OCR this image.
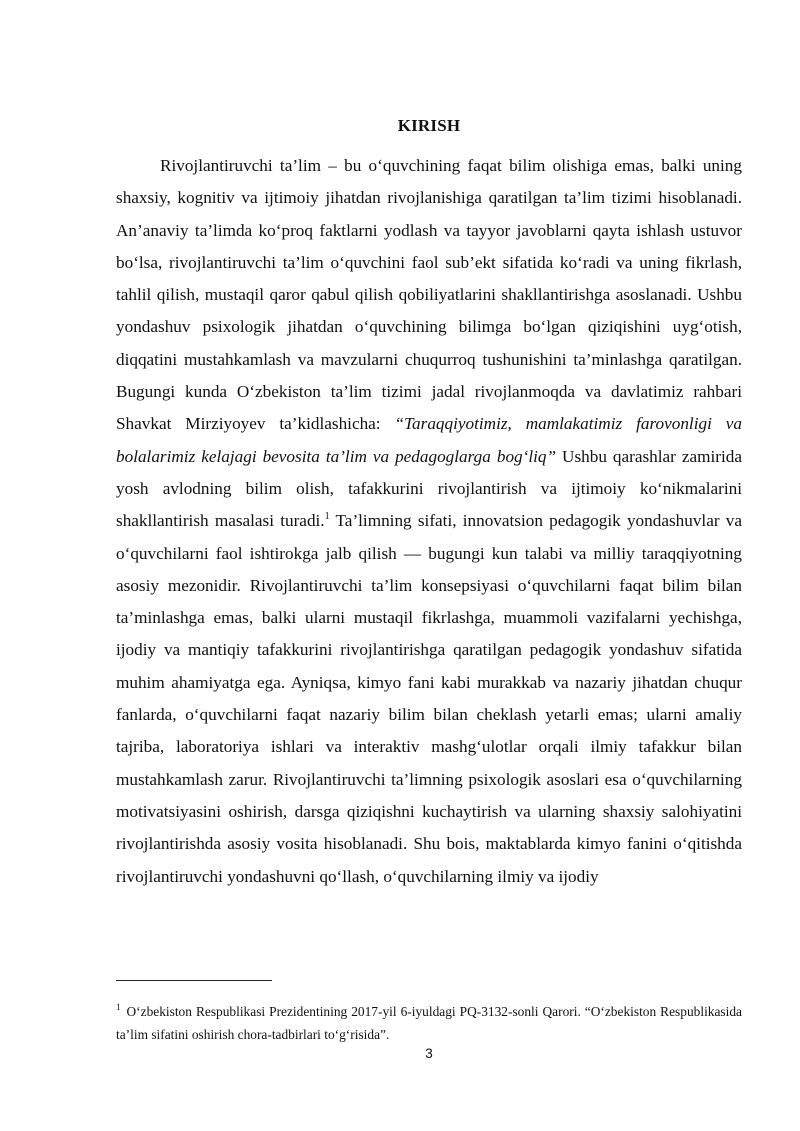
KIRISH

Rivojlantiruvchi ta’lim – bu o‘quvchining faqat bilim olishiga emas, balki uning shaxsiy, kognitiv va ijtimoiy jihatdan rivojlanishiga qaratilgan ta’lim tizimi hisoblanadi. An’anaviy ta’limda ko‘proq faktlarni yodlash va tayyor javoblarni qayta ishlash ustuvor bo‘lsa, rivojlantiruvchi ta’lim o‘quvchini faol sub’ekt sifatida ko‘radi va uning fikrlash, tahlil qilish, mustaqil qaror qabul qilish qobiliyatlarini shakllantirishga asoslanadi. Ushbu yondashuv psixologik jihatdan o‘quvchining bilimga bo‘lgan qiziqishini uyg‘otish, diqqatini mustahkamlash va mavzularni chuqurroq tushunishini ta’minlashga qaratilgan. Bugungi kunda O‘zbekiston ta’lim tizimi jadal rivojlanmoqda va davlatimiz rahbari Shavkat Mirziyoyev ta’kidlashicha: “Taraqqiyotimiz, mamlakatimiz farovonligi va bolalarimiz kelajagi bevosita ta’lim va pedagoglarga bog‘liq” Ushbu qarashlar zamirida yosh avlodning bilim olish, tafakkurini rivojlantirish va ijtimoiy ko‘nikmalarini shakllantirish masalasi turadi.$^1$ Ta’limning sifati, innovatsion pedagogik yondashuvlar va o‘quvchilarni faol ishtirokga jalb qilish — bugungi kun talabi va milliy taraqqiyotning asosiy mezonidir. Rivojlantiruvchi ta’lim konsepsiyasi o‘quvchilarni faqat bilim bilan ta’minlashga emas, balki ularni mustaqil fikrlashga, muammoli vazifalarni yechishga, ijodiy va mantiqiy tafakkurini rivojlantirishga qaratilgan pedagogik yondashuv sifatida muhim ahamiyatga ega. Ayniqsa, kimyo fani kabi murakkab va nazariy jihatdan chuqur fanlarda, o‘quvchilarni faqat nazariy bilim bilan cheklash yetarli emas; ularni amaliy tajriba, laboratoriya ishlari va interaktiv mashg‘ulotlar orqali ilmiy tafakkur bilan mustahkamlash zarur. Rivojlantiruvchi ta’limning psixologik asoslari esa o‘quvchilarning motivatsiyasini oshirish, darsga qiziqishni kuchaytirish va ularning shaxsiy salohiyatini rivojlantirishda asosiy vosita hisoblanadi. Shu bois, maktablarda kimyo fanini o‘qitishda rivojlantiruvchi yondashuvni qo‘llash, o‘quvchilarning ilmiy va ijodiy

$^1$ O‘zbekiston Respublikasi Prezidentining 2017-yil 6-iyuldagi PQ-3132-sonli Qarori. “O‘zbekiston Respublikasida ta’lim sifatini oshirish chora-tadbirlari to‘g‘risida”.
3
